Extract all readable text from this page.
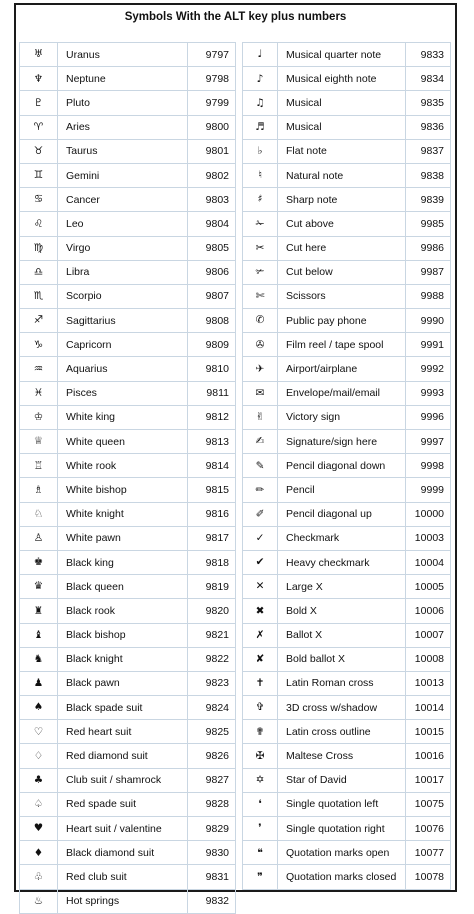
Symbols With the ALT key plus numbers
♅	Uranus	9797
♆	Neptune	9798
♇	Pluto	9799
♈	Aries	9800
♉	Taurus	9801
♊	Gemini	9802
♋	Cancer	9803
♌	Leo	9804
♍	Virgo	9805
♎	Libra	9806
♏	Scorpio	9807
♐	Sagittarius	9808
♑	Capricorn	9809
♒	Aquarius	9810
♓	Pisces	9811
♔	White king	9812
♕	White queen	9813
♖	White rook	9814
♗	White bishop	9815
♘	White knight	9816
♙	White pawn	9817
♚	Black king	9818
♛	Black queen	9819
♜	Black rook	9820
♝	Black bishop	9821
♞	Black knight	9822
♟	Black pawn	9823
♠	Black spade suit	9824
♡	Red heart suit	9825
♢	Red diamond suit	9826
♣	Club suit / shamrock	9827
♤	Red spade suit	9828
♥	Heart suit / valentine	9829
♦	Black diamond suit	9830
♧	Red club suit	9831
♨	Hot springs	9832
♩	Musical quarter note	9833
♪	Musical eighth note	9834
♫	Musical	9835
♬	Musical	9836
♭	Flat note	9837
♮	Natural note	9838
♯	Sharp note	9839
✁	Cut above	9985
✂	Cut here	9986
✃	Cut below	9987
✄	Scissors	9988
✆	Public pay phone	9990
✇	Film reel / tape spool	9991
✈	Airport/airplane	9992
✉	Envelope/mail/email	9993
✌	Victory sign	9996
✍	Signature/sign here	9997
✎	Pencil diagonal down	9998
✏	Pencil	9999
✐	Pencil diagonal up	10000
✓	Checkmark	10003
✔	Heavy checkmark	10004
✕	Large X	10005
✖	Bold X	10006
✗	Ballot X	10007
✘	Bold ballot X	10008
✝	Latin Roman cross	10013
✞	3D cross w/shadow	10014
✟	Latin cross outline	10015
✠	Maltese Cross	10016
✡	Star of David	10017
❛	Single quotation left	10075
❜	Single quotation right	10076
❝	Quotation marks open	10077
❞	Quotation marks closed	10078
